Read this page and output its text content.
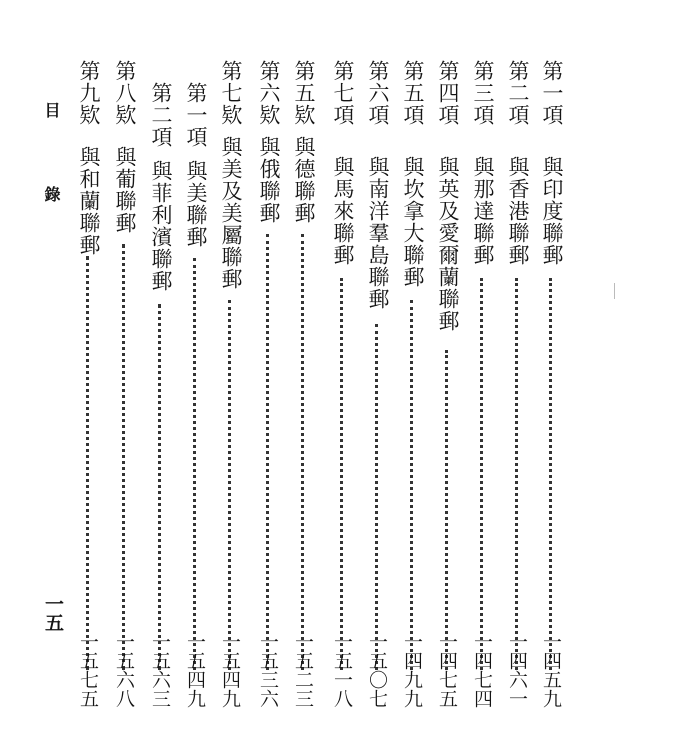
第一項
與印度聯郵
一四五九
第二項
與香港聯郵
一四六一
第三項
與那達聯郵
一四七四
第四項
與英及愛爾蘭聯郵
一四七五
第五項
與坎拿大聯郵
一四九九
第六項
與南洋羣島聯郵
一五〇七
第七項
與馬來聯郵
一五一八
第五欵
與德聯郵
一五二三
第六欵
與俄聯郵
一五三六
第七欵
與美及美屬聯郵
一五四九
第一項
與美聯郵
一五四九
第二項
與菲利濱聯郵
一五六三
第八欵
與葡聯郵
一五六八
第九欵
與和蘭聯郵
一五七五
目
錄
一五
